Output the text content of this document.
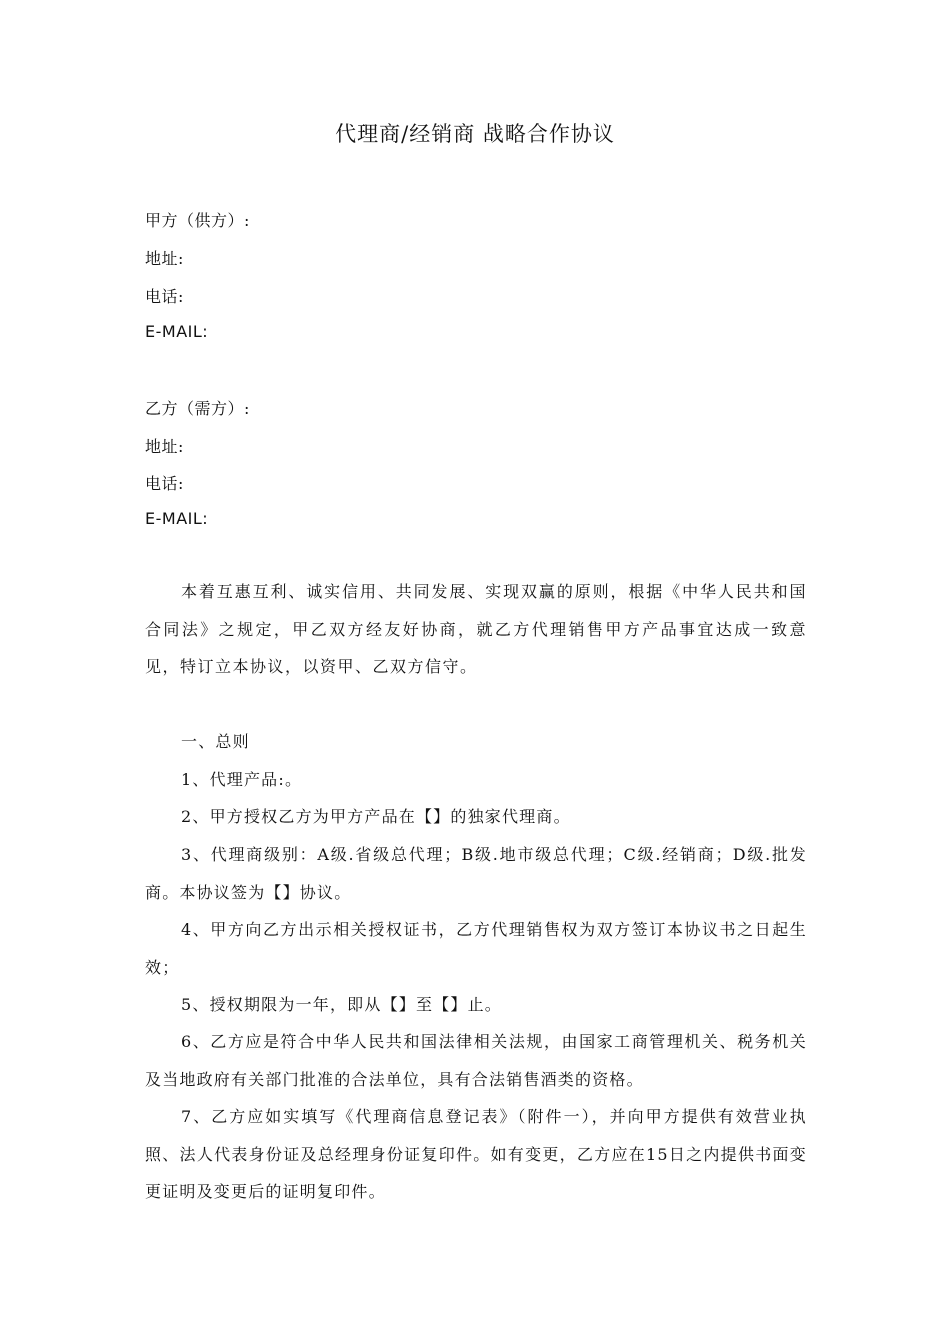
代理商/经销商 战略合作协议
甲方（供方）:
地址:
电话:
E-MAIL:
乙方（需方）:
地址:
电话:
E-MAIL:
本着互惠互利、诚实信用、共同发展、实现双赢的原则，根据《中华人民共和国合同法》之规定，甲乙双方经友好协商，就乙方代理销售甲方产品事宜达成一致意见，特订立本协议，以资甲、乙双方信守。
一、总则
1、代理产品:。
2、甲方授权乙方为甲方产品在【】的独家代理商。
3、代理商级别：A级.省级总代理；B级.地市级总代理；C级.经销商；D级.批发商。本协议签为【】协议。
4、甲方向乙方出示相关授权证书，乙方代理销售权为双方签订本协议书之日起生效；
5、授权期限为一年，即从【】至【】止。
6、乙方应是符合中华人民共和国法律相关法规，由国家工商管理机关、税务机关及当地政府有关部门批准的合法单位，具有合法销售酒类的资格。
7、乙方应如实填写《代理商信息登记表》（附件一），并向甲方提供有效营业执照、法人代表身份证及总经理身份证复印件。如有变更，乙方应在15日之内提供书面变更证明及变更后的证明复印件。
